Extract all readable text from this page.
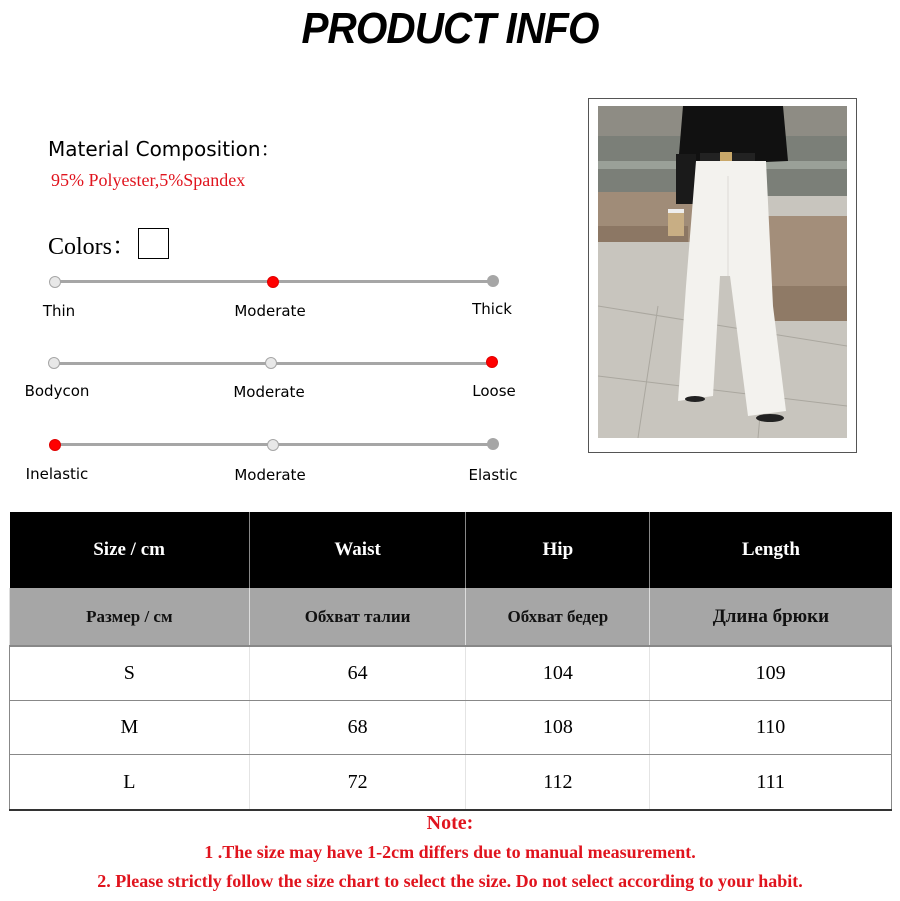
PRODUCT INFO
Material Composition：
95% Polyester,5%Spandex
Colors：
Thin	Moderate	Thick
Bodycon	Moderate	Loose
Inelastic	Moderate	Elastic
Size / cm	Waist	Hip	Length
Размер / см	Обхват талии	Обхват бедер	Длина брюки
S	64	104	109
M	68	108	110
L	72	112	111
Note:
1 .The size may have 1-2cm differs due to manual measurement.
2. Please strictly follow the size chart to select the size. Do not select according to your habit.
